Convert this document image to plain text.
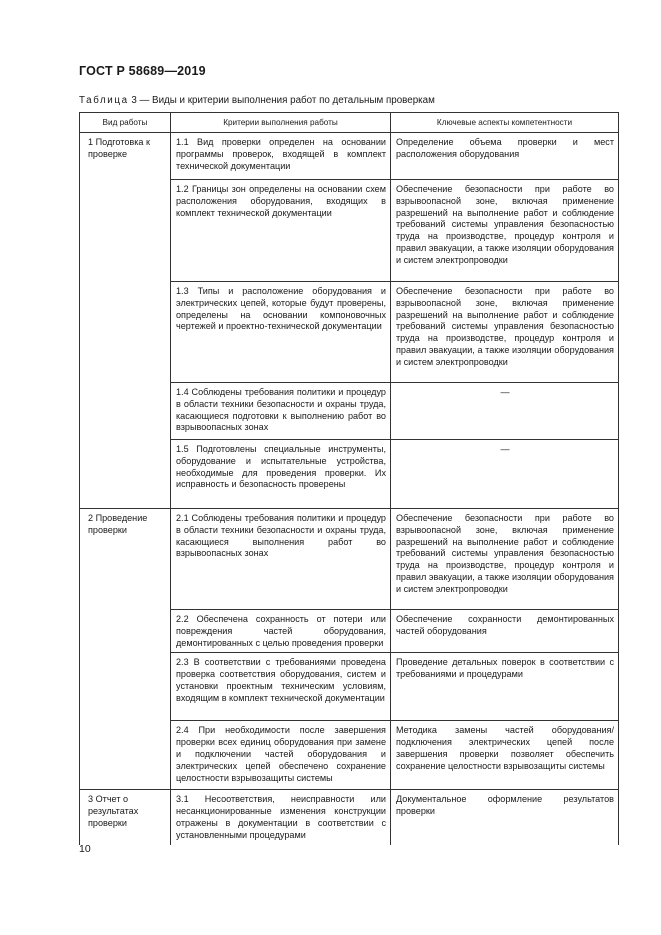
ГОСТ Р 58689—2019
Таблица 3 — Виды и критерии выполнения работ по детальным проверкам
Вид работы	Критерии выполнения работы	Ключевые аспекты компетентности
1 Подготовка к проверке	1.1 Вид проверки определен на основании программы проверок, входящей в комплект технической документации	Определение объема проверки и мест расположения оборудования
	1.2 Границы зон определены на основании схем расположения оборудования, входящих в комплект технической документации	Обеспечение безопасности при работе во взрывоопасной зоне, включая применение разрешений на выполнение работ и соблюдение требований системы управления безопасностью труда на производстве, процедур контроля и правил эвакуации, а также изоляции оборудования и систем электропроводки
	1.3 Типы и расположение оборудования и электрических цепей, которые будут проверены, определены на основании компоновочных чертежей и проектно-технической документации	Обеспечение безопасности при работе во взрывоопасной зоне, включая применение разрешений на выполнение работ и соблюдение требований системы управления безопасностью труда на производстве, процедур контроля и правил эвакуации, а также изоляции оборудования и систем электропроводки
	1.4 Соблюдены требования политики и процедур в области техники безопасности и охраны труда, касающиеся подготовки к выполнению работ во взрывоопасных зонах	—
	1.5 Подготовлены специальные инструменты, оборудование и испытательные устройства, необходимые для проведения проверки. Их исправность и безопасность проверены	—
2 Проведение проверки	2.1 Соблюдены требования политики и процедур в области техники безопасности и охраны труда, касающиеся выполнения работ во взрывоопасных зонах	Обеспечение безопасности при работе во взрывоопасной зоне, включая применение разрешений на выполнение работ и соблюдение требований системы управления безопасностью труда на производстве, процедур контроля и правил эвакуации, а также изоляции оборудования и систем электропроводки
	2.2 Обеспечена сохранность от потери или повреждения частей оборудования, демонтированных с целью проведения проверки	Обеспечение сохранности демонтированных частей оборудования
	2.3 В соответствии с требованиями проведена проверка соответствия оборудования, систем и установки проектным техническим условиям, входящим в комплект технической документации	Проведение детальных поверок в соответствии с требованиями и процедурами
	2.4 При необходимости после завершения проверки всех единиц оборудования при замене и подключении частей оборудования и электрических цепей обеспечено сохранение целостности взрывозащиты системы	Методика замены частей оборудования/подключения электрических цепей после завершения проверки позволяет обеспечить сохранение целостности взрывозащиты системы
3 Отчет о результатах проверки	3.1 Несоответствия, неисправности или несанкционированные изменения конструкции отражены в документации в соответствии с установленными процедурами	Документальное оформление результатов проверки
10
